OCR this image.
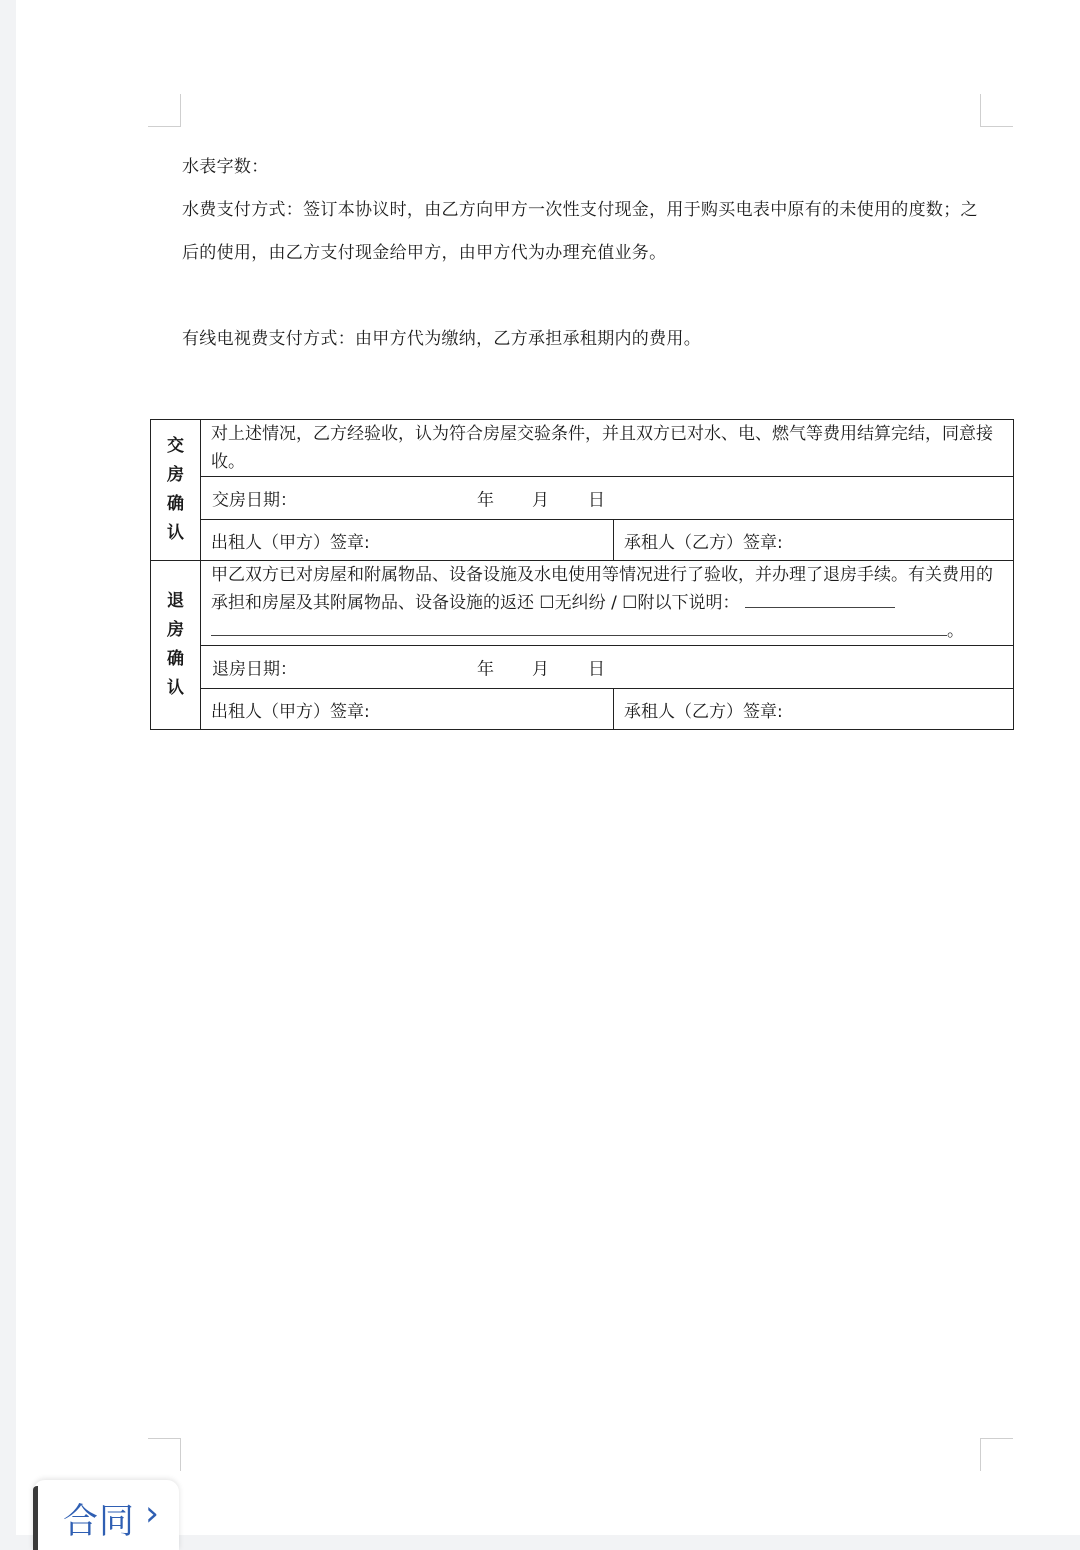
水表字数：

水费支付方式：签订本协议时，由乙方向甲方一次性支付现金，用于购买电表中原有的未使用的度数；之后的使用，由乙方支付现金给甲方，由甲方代为办理充值业务。

有线电视费支付方式：由甲方代为缴纳，乙方承担承租期内的费用。

交房确认	对上述情况，乙方经验收，认为符合房屋交验条件，并且双方已对水、电、燃气等费用结算完结，同意接收。	

	交房日期： 年 月 日	

	出租人（甲方）签章:	承租人（乙方）签章:
退房确认	甲乙双方已对房屋和附属物品、设备设施及水电使用等情况进行了验收，并办理了退房手续。有关费用的承担和房屋及其附属物品、设备设施的返还 ☐无纠纷 / ☐附以下说明：
。	

	退房日期： 年 月 日	

	出租人（甲方）签章:	承租人（乙方）签章:
合同 ›
